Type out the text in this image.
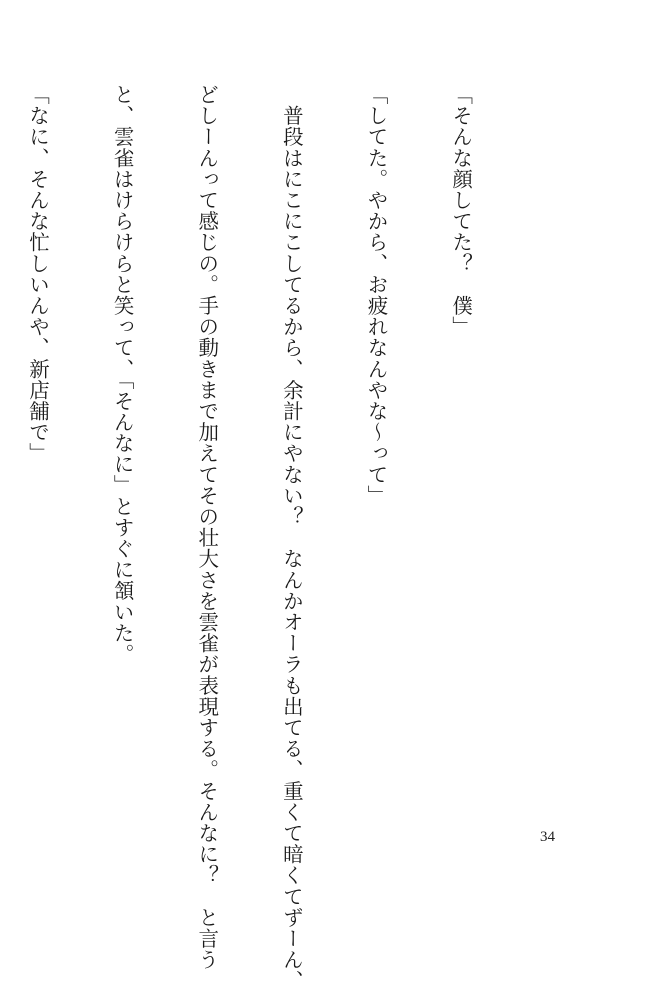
「そんな顔してた？　僕」

「してた。やから、お疲れなんやな～って」

　普段はにこにこしてるから、余計にやない？　なんかオーラも出てる、重くて暗くてずーん、

どしーんって感じの。手の動きまで加えてその壮大さを雲雀が表現する。そんなに？　と言う

と、雲雀はけらけらと笑って、「そんなに」とすぐに頷いた。

「なに、そんな忙しいんや、新店舗で」

34
